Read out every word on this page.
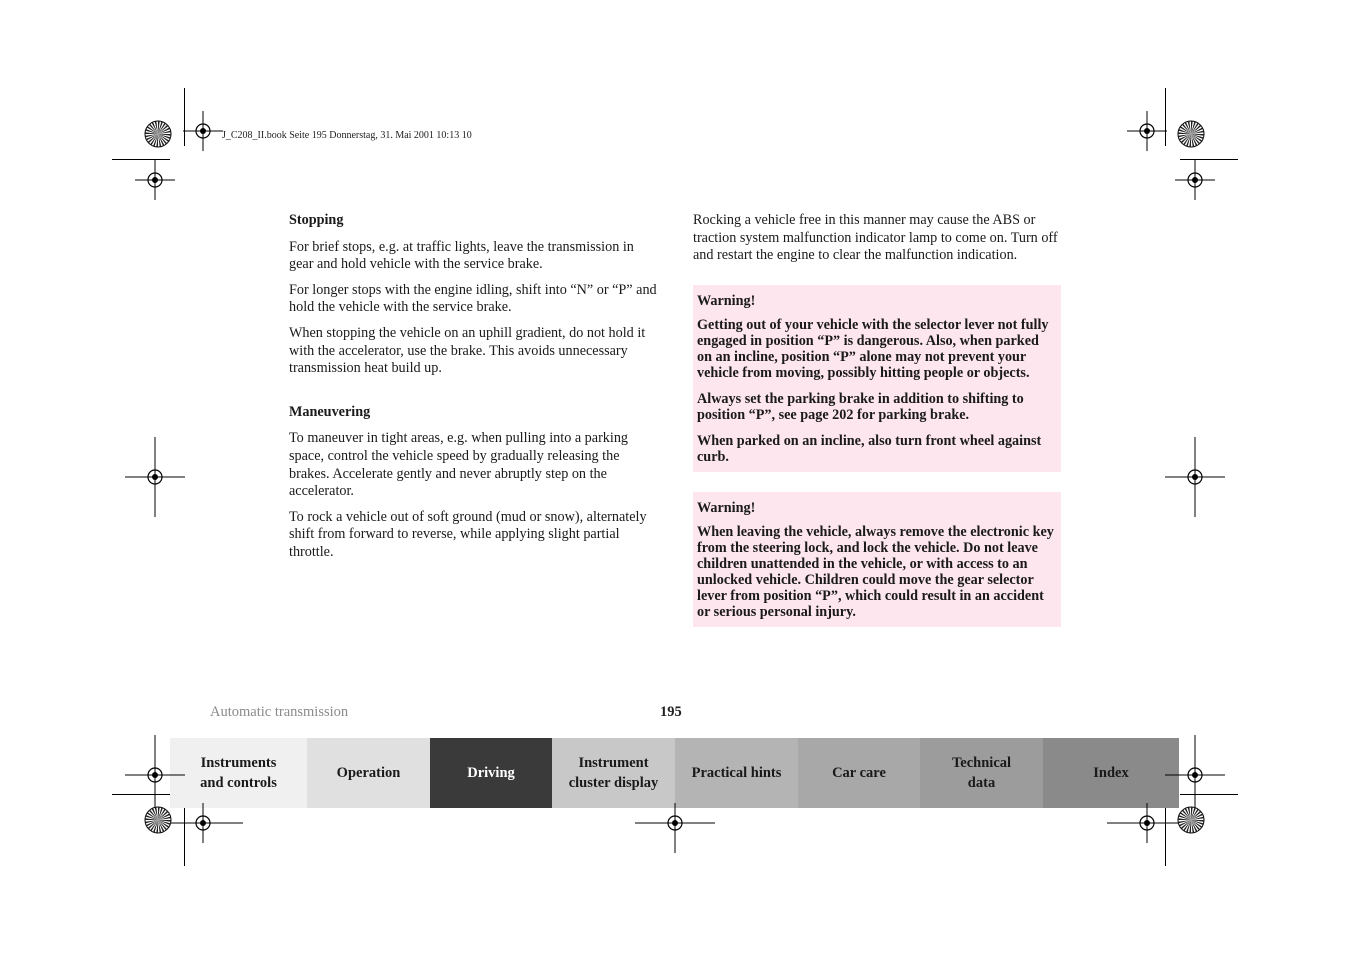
J_C208_II.book Seite 195 Donnerstag, 31. Mai 2001 10:13 10

Stopping

For brief stops, e.g. at traffic lights, leave the transmission in gear and hold vehicle with the service brake.

For longer stops with the engine idling, shift into “N” or “P” and hold the vehicle with the service brake.

When stopping the vehicle on an uphill gradient, do not hold it with the accelerator, use the brake. This avoids unnecessary transmission heat build up.

Maneuvering

To maneuver in tight areas, e.g. when pulling into a parking space, control the vehicle speed by gradually releasing the brakes. Accelerate gently and never abruptly step on the accelerator.

To rock a vehicle out of soft ground (mud or snow), alternately shift from forward to reverse, while applying slight partial throttle.

Rocking a vehicle free in this manner may cause the ABS or traction system malfunction indicator lamp to come on. Turn off and restart the engine to clear the malfunction indication.

Warning!

Getting out of your vehicle with the selector lever not fully engaged in position “P” is dangerous. Also, when parked on an incline, position “P” alone may not prevent your vehicle from moving, possibly hitting people or objects.

Always set the parking brake in addition to shifting to position “P”, see page 202 for parking brake.

When parked on an incline, also turn front wheel against curb.

Warning!

When leaving the vehicle, always remove the electronic key from the steering lock, and lock the vehicle. Do not leave children unattended in the vehicle, or with access to an unlocked vehicle. Children could move the gear selector lever from position “P”, which could result in an accident or serious personal injury.

Automatic transmission	195
Instruments
and controls
Operation	Driving
Instrument
cluster display
Practical hints	Car care
Technical
data
Index
